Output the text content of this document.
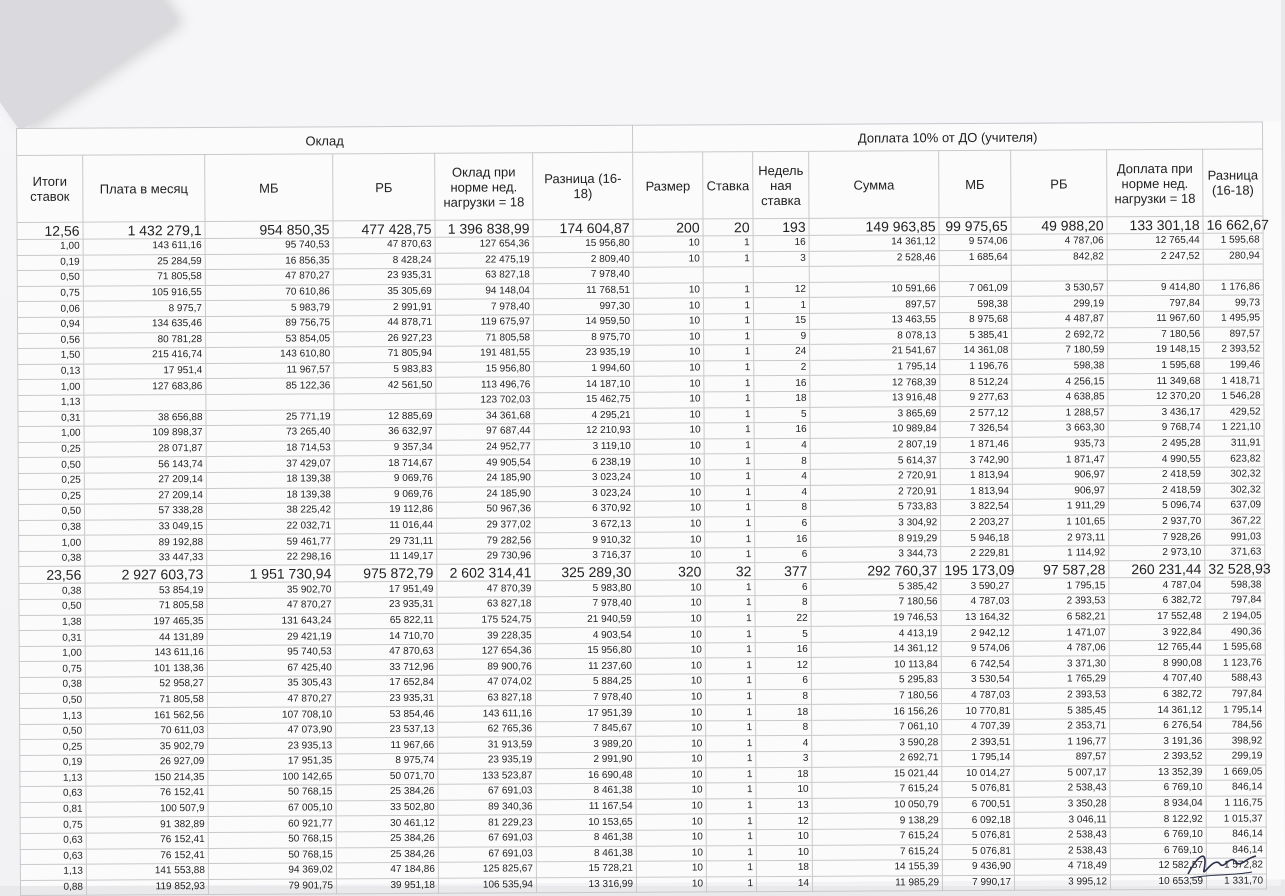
Оклад						Доплата 10% от ДО (учителя)							
Итоги ставок	Плата в месяц	МБ	РБ	Оклад при норме нед. нагрузки = 18	Разница (16-18)	Размер	Ставка	Недель ная ставка	Сумма	МБ	РБ	Доплата при норме нед. нагрузки = 18	Разница (16-18)
12,56	1 432 279,1	954 850,35	477 428,75	1 396 838,99	174 604,87	200	20	193	149 963,85	99 975,65	49 988,20	133 301,18	16 662,67
1,00	143 611,16	95 740,53	47 870,63	127 654,36	15 956,80	10	1	16	14 361,12	9 574,06	4 787,06	12 765,44	1 595,68
0,19	25 284,59	16 856,35	8 428,24	22 475,19	2 809,40	10	1	3	2 528,46	1 685,64	842,82	2 247,52	280,94
0,50	71 805,58	47 870,27	23 935,31	63 827,18	7 978,40								
0,75	105 916,55	70 610,86	35 305,69	94 148,04	11 768,51	10	1	12	10 591,66	7 061,09	3 530,57	9 414,80	1 176,86
0,06	8 975,7	5 983,79	2 991,91	7 978,40	997,30	10	1	1	897,57	598,38	299,19	797,84	99,73
0,94	134 635,46	89 756,75	44 878,71	119 675,97	14 959,50	10	1	15	13 463,55	8 975,68	4 487,87	11 967,60	1 495,95
0,56	80 781,28	53 854,05	26 927,23	71 805,58	8 975,70	10	1	9	8 078,13	5 385,41	2 692,72	7 180,56	897,57
1,50	215 416,74	143 610,80	71 805,94	191 481,55	23 935,19	10	1	24	21 541,67	14 361,08	7 180,59	19 148,15	2 393,52
0,13	17 951,4	11 967,57	5 983,83	15 956,80	1 994,60	10	1	2	1 795,14	1 196,76	598,38	1 595,68	199,46
1,00	127 683,86	85 122,36	42 561,50	113 496,76	14 187,10	10	1	16	12 768,39	8 512,24	4 256,15	11 349,68	1 418,71
1,13				123 702,03	15 462,75	10	1	18	13 916,48	9 277,63	4 638,85	12 370,20	1 546,28
0,31	38 656,88	25 771,19	12 885,69	34 361,68	4 295,21	10	1	5	3 865,69	2 577,12	1 288,57	3 436,17	429,52
1,00	109 898,37	73 265,40	36 632,97	97 687,44	12 210,93	10	1	16	10 989,84	7 326,54	3 663,30	9 768,74	1 221,10
0,25	28 071,87	18 714,53	9 357,34	24 952,77	3 119,10	10	1	4	2 807,19	1 871,46	935,73	2 495,28	311,91
0,50	56 143,74	37 429,07	18 714,67	49 905,54	6 238,19	10	1	8	5 614,37	3 742,90	1 871,47	4 990,55	623,82
0,25	27 209,14	18 139,38	9 069,76	24 185,90	3 023,24	10	1	4	2 720,91	1 813,94	906,97	2 418,59	302,32
0,25	27 209,14	18 139,38	9 069,76	24 185,90	3 023,24	10	1	4	2 720,91	1 813,94	906,97	2 418,59	302,32
0,50	57 338,28	38 225,42	19 112,86	50 967,36	6 370,92	10	1	8	5 733,83	3 822,54	1 911,29	5 096,74	637,09
0,38	33 049,15	22 032,71	11 016,44	29 377,02	3 672,13	10	1	6	3 304,92	2 203,27	1 101,65	2 937,70	367,22
1,00	89 192,88	59 461,77	29 731,11	79 282,56	9 910,32	10	1	16	8 919,29	5 946,18	2 973,11	7 928,26	991,03
0,38	33 447,33	22 298,16	11 149,17	29 730,96	3 716,37	10	1	6	3 344,73	2 229,81	1 114,92	2 973,10	371,63
23,56	2 927 603,73	1 951 730,94	975 872,79	2 602 314,41	325 289,30	320	32	377	292 760,37	195 173,09	97 587,28	260 231,44	32 528,93
0,38	53 854,19	35 902,70	17 951,49	47 870,39	5 983,80	10	1	6	5 385,42	3 590,27	1 795,15	4 787,04	598,38
0,50	71 805,58	47 870,27	23 935,31	63 827,18	7 978,40	10	1	8	7 180,56	4 787,03	2 393,53	6 382,72	797,84
1,38	197 465,35	131 643,24	65 822,11	175 524,75	21 940,59	10	1	22	19 746,53	13 164,32	6 582,21	17 552,48	2 194,05
0,31	44 131,89	29 421,19	14 710,70	39 228,35	4 903,54	10	1	5	4 413,19	2 942,12	1 471,07	3 922,84	490,36
1,00	143 611,16	95 740,53	47 870,63	127 654,36	15 956,80	10	1	16	14 361,12	9 574,06	4 787,06	12 765,44	1 595,68
0,75	101 138,36	67 425,40	33 712,96	89 900,76	11 237,60	10	1	12	10 113,84	6 742,54	3 371,30	8 990,08	1 123,76
0,38	52 958,27	35 305,43	17 652,84	47 074,02	5 884,25	10	1	6	5 295,83	3 530,54	1 765,29	4 707,40	588,43
0,50	71 805,58	47 870,27	23 935,31	63 827,18	7 978,40	10	1	8	7 180,56	4 787,03	2 393,53	6 382,72	797,84
1,13	161 562,56	107 708,10	53 854,46	143 611,16	17 951,39	10	1	18	16 156,26	10 770,81	5 385,45	14 361,12	1 795,14
0,50	70 611,03	47 073,90	23 537,13	62 765,36	7 845,67	10	1	8	7 061,10	4 707,39	2 353,71	6 276,54	784,56
0,25	35 902,79	23 935,13	11 967,66	31 913,59	3 989,20	10	1	4	3 590,28	2 393,51	1 196,77	3 191,36	398,92
0,19	26 927,09	17 951,35	8 975,74	23 935,19	2 991,90	10	1	3	2 692,71	1 795,14	897,57	2 393,52	299,19
1,13	150 214,35	100 142,65	50 071,70	133 523,87	16 690,48	10	1	18	15 021,44	10 014,27	5 007,17	13 352,39	1 669,05
0,63	76 152,41	50 768,15	25 384,26	67 691,03	8 461,38	10	1	10	7 615,24	5 076,81	2 538,43	6 769,10	846,14
0,81	100 507,9	67 005,10	33 502,80	89 340,36	11 167,54	10	1	13	10 050,79	6 700,51	3 350,28	8 934,04	1 116,75
0,75	91 382,89	60 921,77	30 461,12	81 229,23	10 153,65	10	1	12	9 138,29	6 092,18	3 046,11	8 122,92	1 015,37
0,63	76 152,41	50 768,15	25 384,26	67 691,03	8 461,38	10	1	10	7 615,24	5 076,81	2 538,43	6 769,10	846,14
0,63	76 152,41	50 768,15	25 384,26	67 691,03	8 461,38	10	1	10	7 615,24	5 076,81	2 538,43	6 769,10	846,14
1,13	141 553,88	94 369,02	47 184,86	125 825,67	15 728,21	10	1	18	14 155,39	9 436,90	4 718,49	12 582,57	1 572,82
0,88	119 852,93	79 901,75	39 951,18	106 535,94	13 316,99	10	1	14	11 985,29	7 990,17	3 995,12	10 653,59	1 331,70
